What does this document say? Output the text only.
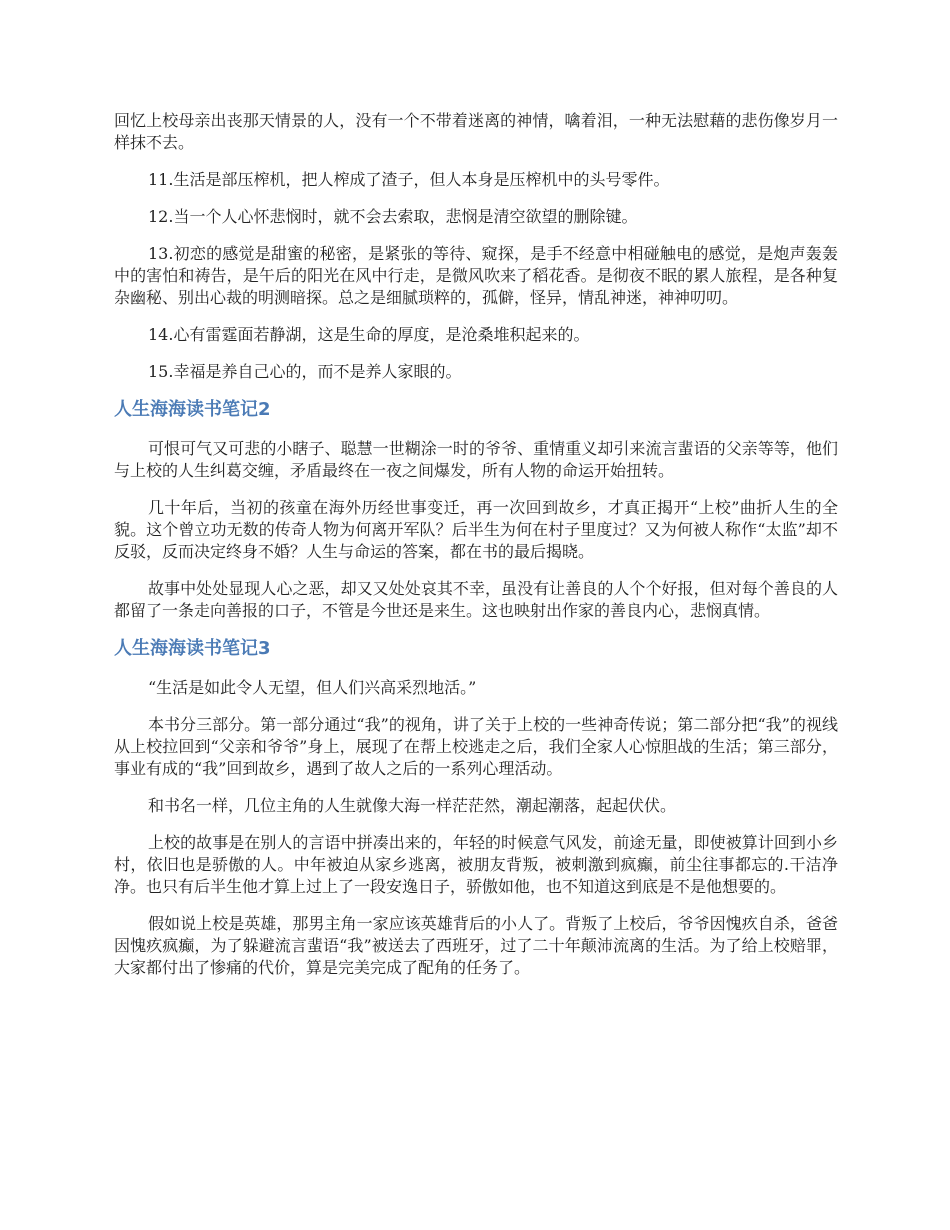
回忆上校母亲出丧那天情景的人，没有一个不带着迷离的神情，噙着泪，一种无法慰藉的悲伤像岁月一样抹不去。

11.生活是部压榨机，把人榨成了渣子，但人本身是压榨机中的头号零件。

12.当一个人心怀悲悯时，就不会去索取，悲悯是清空欲望的删除键。

13.初恋的感觉是甜蜜的秘密，是紧张的等待、窥探，是手不经意中相碰触电的感觉，是炮声轰轰中的害怕和祷告，是午后的阳光在风中行走，是微风吹来了稻花香。是彻夜不眠的累人旅程，是各种复杂幽秘、别出心裁的明测暗探。总之是细腻琐粹的，孤僻，怪异，情乱神迷，神神叨叨。

14.心有雷霆面若静湖，这是生命的厚度，是沧桑堆积起来的。

15.幸福是养自己心的，而不是养人家眼的。

人生海海读书笔记2

可恨可气又可悲的小瞎子、聪慧一世糊涂一时的爷爷、重情重义却引来流言蜚语的父亲等等，他们与上校的人生纠葛交缠，矛盾最终在一夜之间爆发，所有人物的命运开始扭转。

几十年后，当初的孩童在海外历经世事变迁，再一次回到故乡，才真正揭开“上校”曲折人生的全貌。这个曾立功无数的传奇人物为何离开军队？后半生为何在村子里度过？又为何被人称作“太监”却不反驳，反而决定终身不婚？人生与命运的答案，都在书的最后揭晓。

故事中处处显现人心之恶，却又又处处哀其不幸，虽没有让善良的人个个好报，但对每个善良的人都留了一条走向善报的口子，不管是今世还是来生。这也映射出作家的善良内心，悲悯真情。

人生海海读书笔记3

“生活是如此令人无望，但人们兴高采烈地活。”

本书分三部分。第一部分通过“我”的视角，讲了关于上校的一些神奇传说；第二部分把“我”的视线从上校拉回到“父亲和爷爷”身上，展现了在帮上校逃走之后，我们全家人心惊胆战的生活；第三部分，事业有成的“我”回到故乡，遇到了故人之后的一系列心理活动。

和书名一样，几位主角的人生就像大海一样茫茫然，潮起潮落，起起伏伏。

上校的故事是在别人的言语中拼凑出来的，年轻的时候意气风发，前途无量，即使被算计回到小乡村，依旧也是骄傲的人。中年被迫从家乡逃离，被朋友背叛，被刺激到疯癫，前尘往事都忘的.干洁净净。也只有后半生他才算上过上了一段安逸日子，骄傲如他，也不知道这到底是不是他想要的。

假如说上校是英雄，那男主角一家应该英雄背后的小人了。背叛了上校后，爷爷因愧疚自杀，爸爸因愧疚疯癫，为了躲避流言蜚语“我”被送去了西班牙，过了二十年颠沛流离的生活。为了给上校赔罪，大家都付出了惨痛的代价，算是完美完成了配角的任务了。
